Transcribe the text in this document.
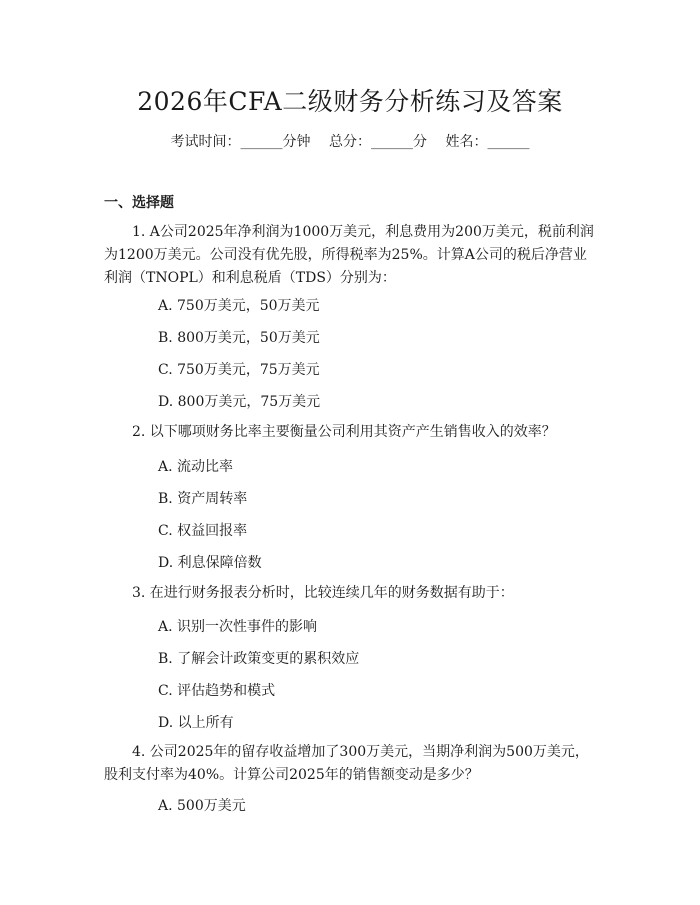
2026年CFA二级财务分析练习及答案
考试时间：______分钟 总分：______分 姓名：______
一、选择题

1. A公司2025年净利润为1000万美元，利息费用为200万美元，税前利润为1200万美元。公司没有优先股，所得税率为25%。计算A公司的税后净营业利润（TNOPL）和利息税盾（TDS）分别为：

A. 750万美元，50万美元
B. 800万美元，50万美元
C. 750万美元，75万美元
D. 800万美元，75万美元

2. 以下哪项财务比率主要衡量公司利用其资产产生销售收入的效率？

A. 流动比率
B. 资产周转率
C. 权益回报率
D. 利息保障倍数

3. 在进行财务报表分析时，比较连续几年的财务数据有助于：

A. 识别一次性事件的影响
B. 了解会计政策变更的累积效应
C. 评估趋势和模式
D. 以上所有

4. 公司2025年的留存收益增加了300万美元，当期净利润为500万美元，股利支付率为40%。计算公司2025年的销售额变动是多少？

A. 500万美元
